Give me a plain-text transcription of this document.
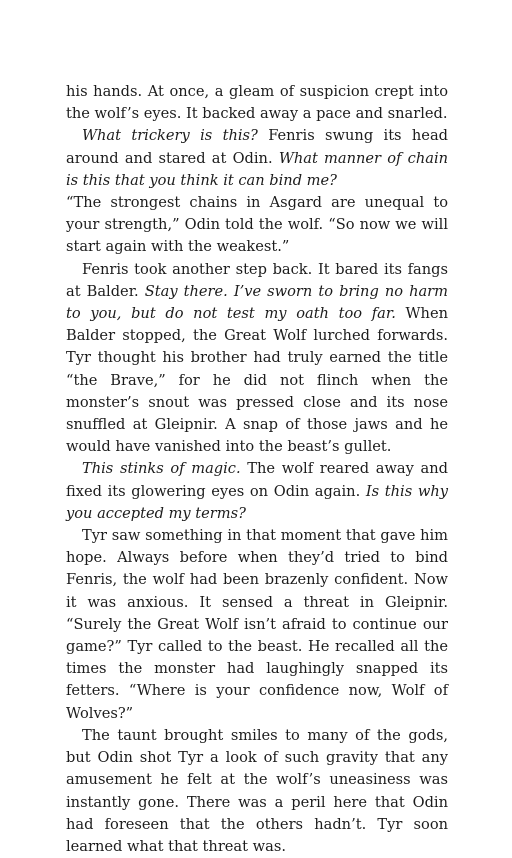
his hands. At once, a gleam of suspicion crept into the wolf’s eyes. It backed away a pace and snarled.

What trickery is this? Fenris swung its head around and stared at Odin. What manner of chain is this that you think it can bind me?

“The strongest chains in Asgard are unequal to your strength,” Odin told the wolf. “So now we will start again with the weakest.”

Fenris took another step back. It bared its fangs at Balder. Stay there. I’ve sworn to bring no harm to you, but do not test my oath too far. When Balder stopped, the Great Wolf lurched forwards. Tyr thought his brother had truly earned the title “the Brave,” for he did not flinch when the monster’s snout was pressed close and its nose snuffled at Gleipnir. A snap of those jaws and he would have vanished into the beast’s gullet.

This stinks of magic. The wolf reared away and fixed its glowering eyes on Odin again. Is this why you accepted my terms?

Tyr saw something in that moment that gave him hope. Always before when they’d tried to bind Fenris, the wolf had been brazenly confident. Now it was anxious. It sensed a threat in Gleipnir. “Surely the Great Wolf isn’t afraid to continue our game?” Tyr called to the beast. He recalled all the times the monster had laughingly snapped its fetters. “Where is your confidence now, Wolf of Wolves?”

The taunt brought smiles to many of the gods, but Odin shot Tyr a look of such gravity that any amusement he felt at the wolf’s uneasiness was instantly gone. There was a peril here that Odin had foreseen that the others hadn’t. Tyr soon learned what that threat was.
